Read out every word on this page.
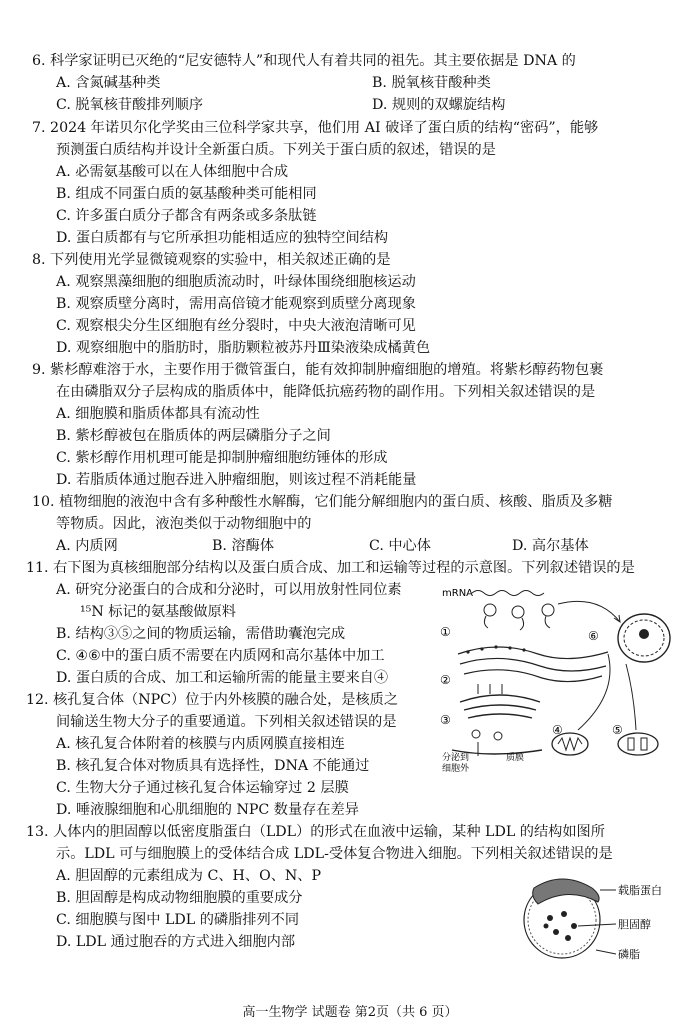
6. 科学家证明已灭绝的“尼安德特人”和现代人有着共同的祖先。其主要依据是 DNA 的

A. 含氮碱基种类	B. 脱氧核苷酸种类
C. 脱氧核苷酸排列顺序	D. 规则的双螺旋结构

7. 2024 年诺贝尔化学奖由三位科学家共享，他们用 AI 破译了蛋白质的结构“密码”，能够

预测蛋白质结构并设计全新蛋白质。下列关于蛋白质的叙述，错误的是

A. 必需氨基酸可以在人体细胞中合成

B. 组成不同蛋白质的氨基酸种类可能相同

C. 许多蛋白质分子都含有两条或多条肽链

D. 蛋白质都有与它所承担功能相适应的独特空间结构

8. 下列使用光学显微镜观察的实验中，相关叙述正确的是

A. 观察黑藻细胞的细胞质流动时，叶绿体围绕细胞核运动

B. 观察质壁分离时，需用高倍镜才能观察到质壁分离现象

C. 观察根尖分生区细胞有丝分裂时，中央大液泡清晰可见

D. 观察细胞中的脂肪时，脂肪颗粒被苏丹Ⅲ染液染成橘黄色

9. 紫杉醇难溶于水，主要作用于微管蛋白，能有效抑制肿瘤细胞的增殖。将紫杉醇药物包裹

在由磷脂双分子层构成的脂质体中，能降低抗癌药物的副作用。下列相关叙述错误的是

A. 细胞膜和脂质体都具有流动性

B. 紫杉醇被包在脂质体的两层磷脂分子之间

C. 紫杉醇作用机理可能是抑制肿瘤细胞纺锤体的形成

D. 若脂质体通过胞吞进入肿瘤细胞，则该过程不消耗能量

10. 植物细胞的液泡中含有多种酸性水解酶，它们能分解细胞内的蛋白质、核酸、脂质及多糖

等物质。因此，液泡类似于动物细胞中的

A. 内质网	B. 溶酶体	C. 中心体	D. 高尔基体

11. 右下图为真核细胞部分结构以及蛋白质合成、加工和运输等过程的示意图。下列叙述错误的是

A. 研究分泌蛋白的合成和分泌时，可以用放射性同位素

¹⁵N 标记的氨基酸做原料

B. 结构③⑤之间的物质运输，需借助囊泡完成

C. ④⑥中的蛋白质不需要在内质网和高尔基体中加工

D. 蛋白质的合成、加工和运输所需的能量主要来自④

12. 核孔复合体（NPC）位于内外核膜的融合处，是核质之

间输送生物大分子的重要通道。下列相关叙述错误的是

A. 核孔复合体附着的核膜与内质网膜直接相连

B. 核孔复合体对物质具有选择性，DNA 不能通过

C. 生物大分子通过核孔复合体运输穿过 2 层膜

D. 唾液腺细胞和心肌细胞的 NPC 数量存在差异

13. 人体内的胆固醇以低密度脂蛋白（LDL）的形式在血液中运输，某种 LDL 的结构如图所

示。LDL 可与细胞膜上的受体结合成 LDL-受体复合物进入细胞。下列相关叙述错误的是

A. 胆固醇的元素组成为 C、H、O、N、P

B. 胆固醇是构成动物细胞膜的重要成分

C. 细胞膜与图中 LDL 的磷脂排列不同

D. LDL 通过胞吞的方式进入细胞内部

mRNA
①
②
③
④	⑤
⑥
分泌到
细胞外
质膜
载脂蛋白
胆固醇
磷脂
高一生物学 试题卷 第2页（共 6 页）
